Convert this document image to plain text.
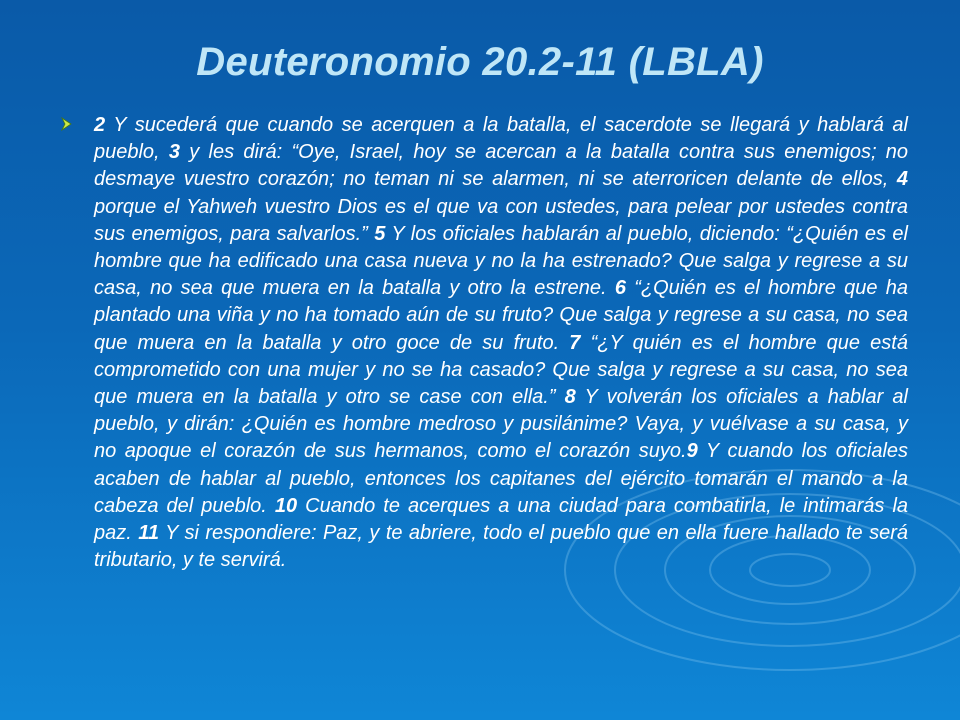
Deuteronomio 20.2-11 (LBLA)
2 Y sucederá que cuando se acerquen a la batalla, el sacerdote se llegará y hablará al pueblo, 3 y les dirá: “Oye, Israel, hoy se acercan a la batalla contra sus enemigos; no desmaye vuestro corazón; no teman ni se alarmen, ni se aterroricen delante de ellos, 4 porque el Yahweh vuestro Dios es el que va con ustedes, para pelear por ustedes contra sus enemigos, para salvarlos.” 5 Y los oficiales hablarán al pueblo, diciendo: “¿Quién es el hombre que ha edificado una casa nueva y no la ha estrenado? Que salga y regrese a su casa, no sea que muera en la batalla y otro la estrene. 6 “¿Quién es el hombre que ha plantado una viña y no ha tomado aún de su fruto? Que salga y regrese a su casa, no sea que muera en la batalla y otro goce de su fruto. 7 “¿Y quién es el hombre que está comprometido con una mujer y no se ha casado? Que salga y regrese a su casa, no sea que muera en la batalla y otro se case con ella.” 8 Y volverán los oficiales a hablar al pueblo, y dirán: ¿Quién es hombre medroso y pusilánime? Vaya, y vuélvase a su casa, y no apoque el corazón de sus hermanos, como el corazón suyo.9 Y cuando los oficiales acaben de hablar al pueblo, entonces los capitanes del ejército tomarán el mando a la cabeza del pueblo. 10 Cuando te acerques a una ciudad para combatirla, le intimarás la paz. 11 Y si respondiere: Paz, y te abriere, todo el pueblo que en ella fuere hallado te será tributario, y te servirá.
